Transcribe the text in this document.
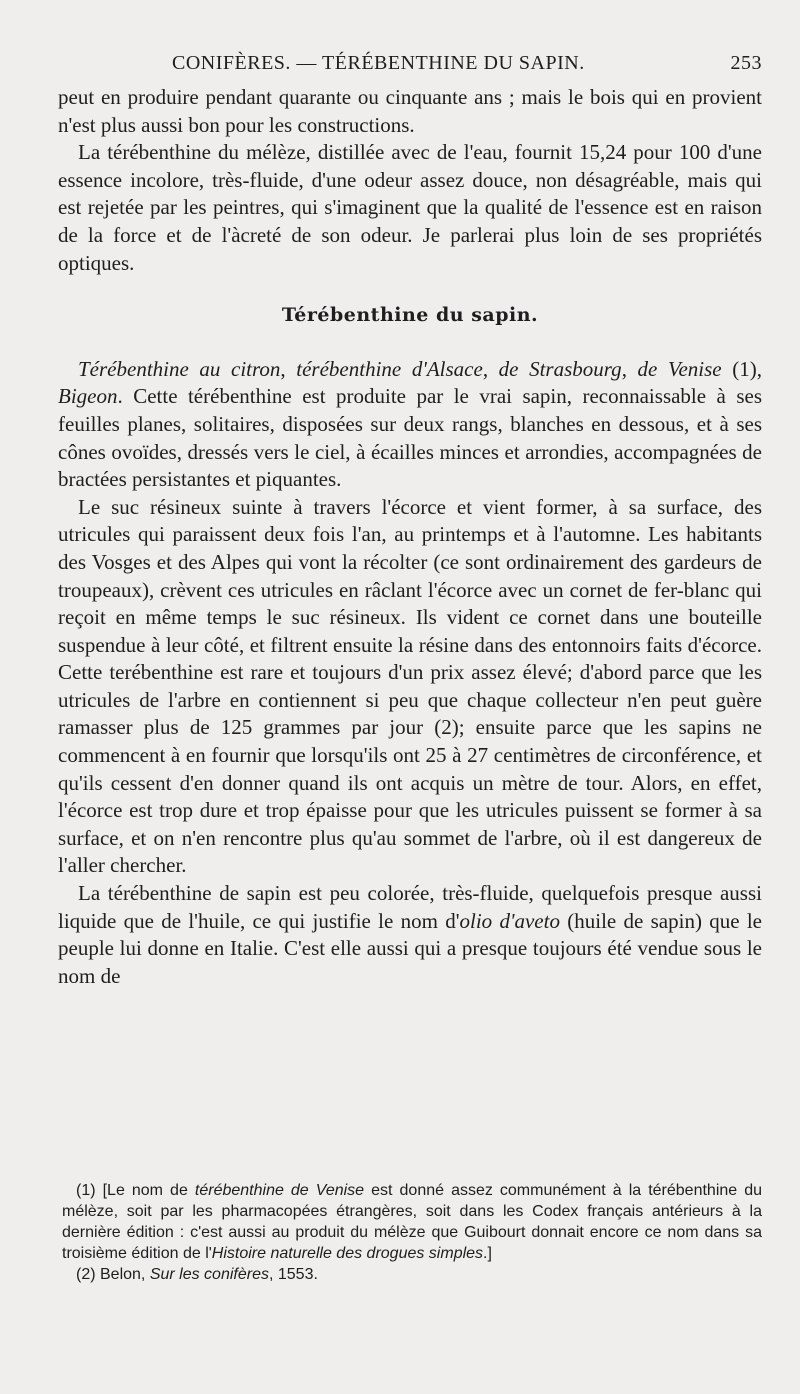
CONIFÈRES. — TÉRÉBENTHINE DU SAPIN.	253

peut en produire pendant quarante ou cinquante ans ; mais le bois qui en provient n'est plus aussi bon pour les constructions.

La térébenthine du mélèze, distillée avec de l'eau, fournit 15,24 pour 100 d'une essence incolore, très-fluide, d'une odeur assez douce, non désagréable, mais qui est rejetée par les peintres, qui s'imaginent que la qualité de l'essence est en raison de la force et de l'àcreté de son odeur. Je parlerai plus loin de ses propriétés optiques.

Térébenthine du sapin.

Térébenthine au citron, térébenthine d'Alsace, de Strasbourg, de Venise (1), Bigeon. Cette térébenthine est produite par le vrai sapin, reconnaissable à ses feuilles planes, solitaires, disposées sur deux rangs, blanches en dessous, et à ses cônes ovoïdes, dressés vers le ciel, à écailles minces et arrondies, accompagnées de bractées persistantes et piquantes.

Le suc résineux suinte à travers l'écorce et vient former, à sa surface, des utricules qui paraissent deux fois l'an, au printemps et à l'automne. Les habitants des Vosges et des Alpes qui vont la récolter (ce sont ordinairement des gardeurs de troupeaux), crèvent ces utricules en râclant l'écorce avec un cornet de fer-blanc qui reçoit en même temps le suc résineux. Ils vident ce cornet dans une bouteille suspendue à leur côté, et filtrent ensuite la résine dans des entonnoirs faits d'écorce. Cette terébenthine est rare et toujours d'un prix assez élevé; d'abord parce que les utricules de l'arbre en contiennent si peu que chaque collecteur n'en peut guère ramasser plus de 125 grammes par jour (2); ensuite parce que les sapins ne commencent à en fournir que lorsqu'ils ont 25 à 27 centimètres de circonférence, et qu'ils cessent d'en donner quand ils ont acquis un mètre de tour. Alors, en effet, l'écorce est trop dure et trop épaisse pour que les utricules puissent se former à sa surface, et on n'en rencontre plus qu'au sommet de l'arbre, où il est dangereux de l'aller chercher.

La térébenthine de sapin est peu colorée, très-fluide, quelquefois presque aussi liquide que de l'huile, ce qui justifie le nom d'olio d'aveto (huile de sapin) que le peuple lui donne en Italie. C'est elle aussi qui a presque toujours été vendue sous le nom de

(1) [Le nom de térébenthine de Venise est donné assez communément à la térébenthine du mélèze, soit par les pharmacopées étrangères, soit dans les Codex français antérieurs à la dernière édition : c'est aussi au produit du mélèze que Guibourt donnait encore ce nom dans sa troisième édition de l'Histoire naturelle des drogues simples.]

(2) Belon, Sur les conifères, 1553.
